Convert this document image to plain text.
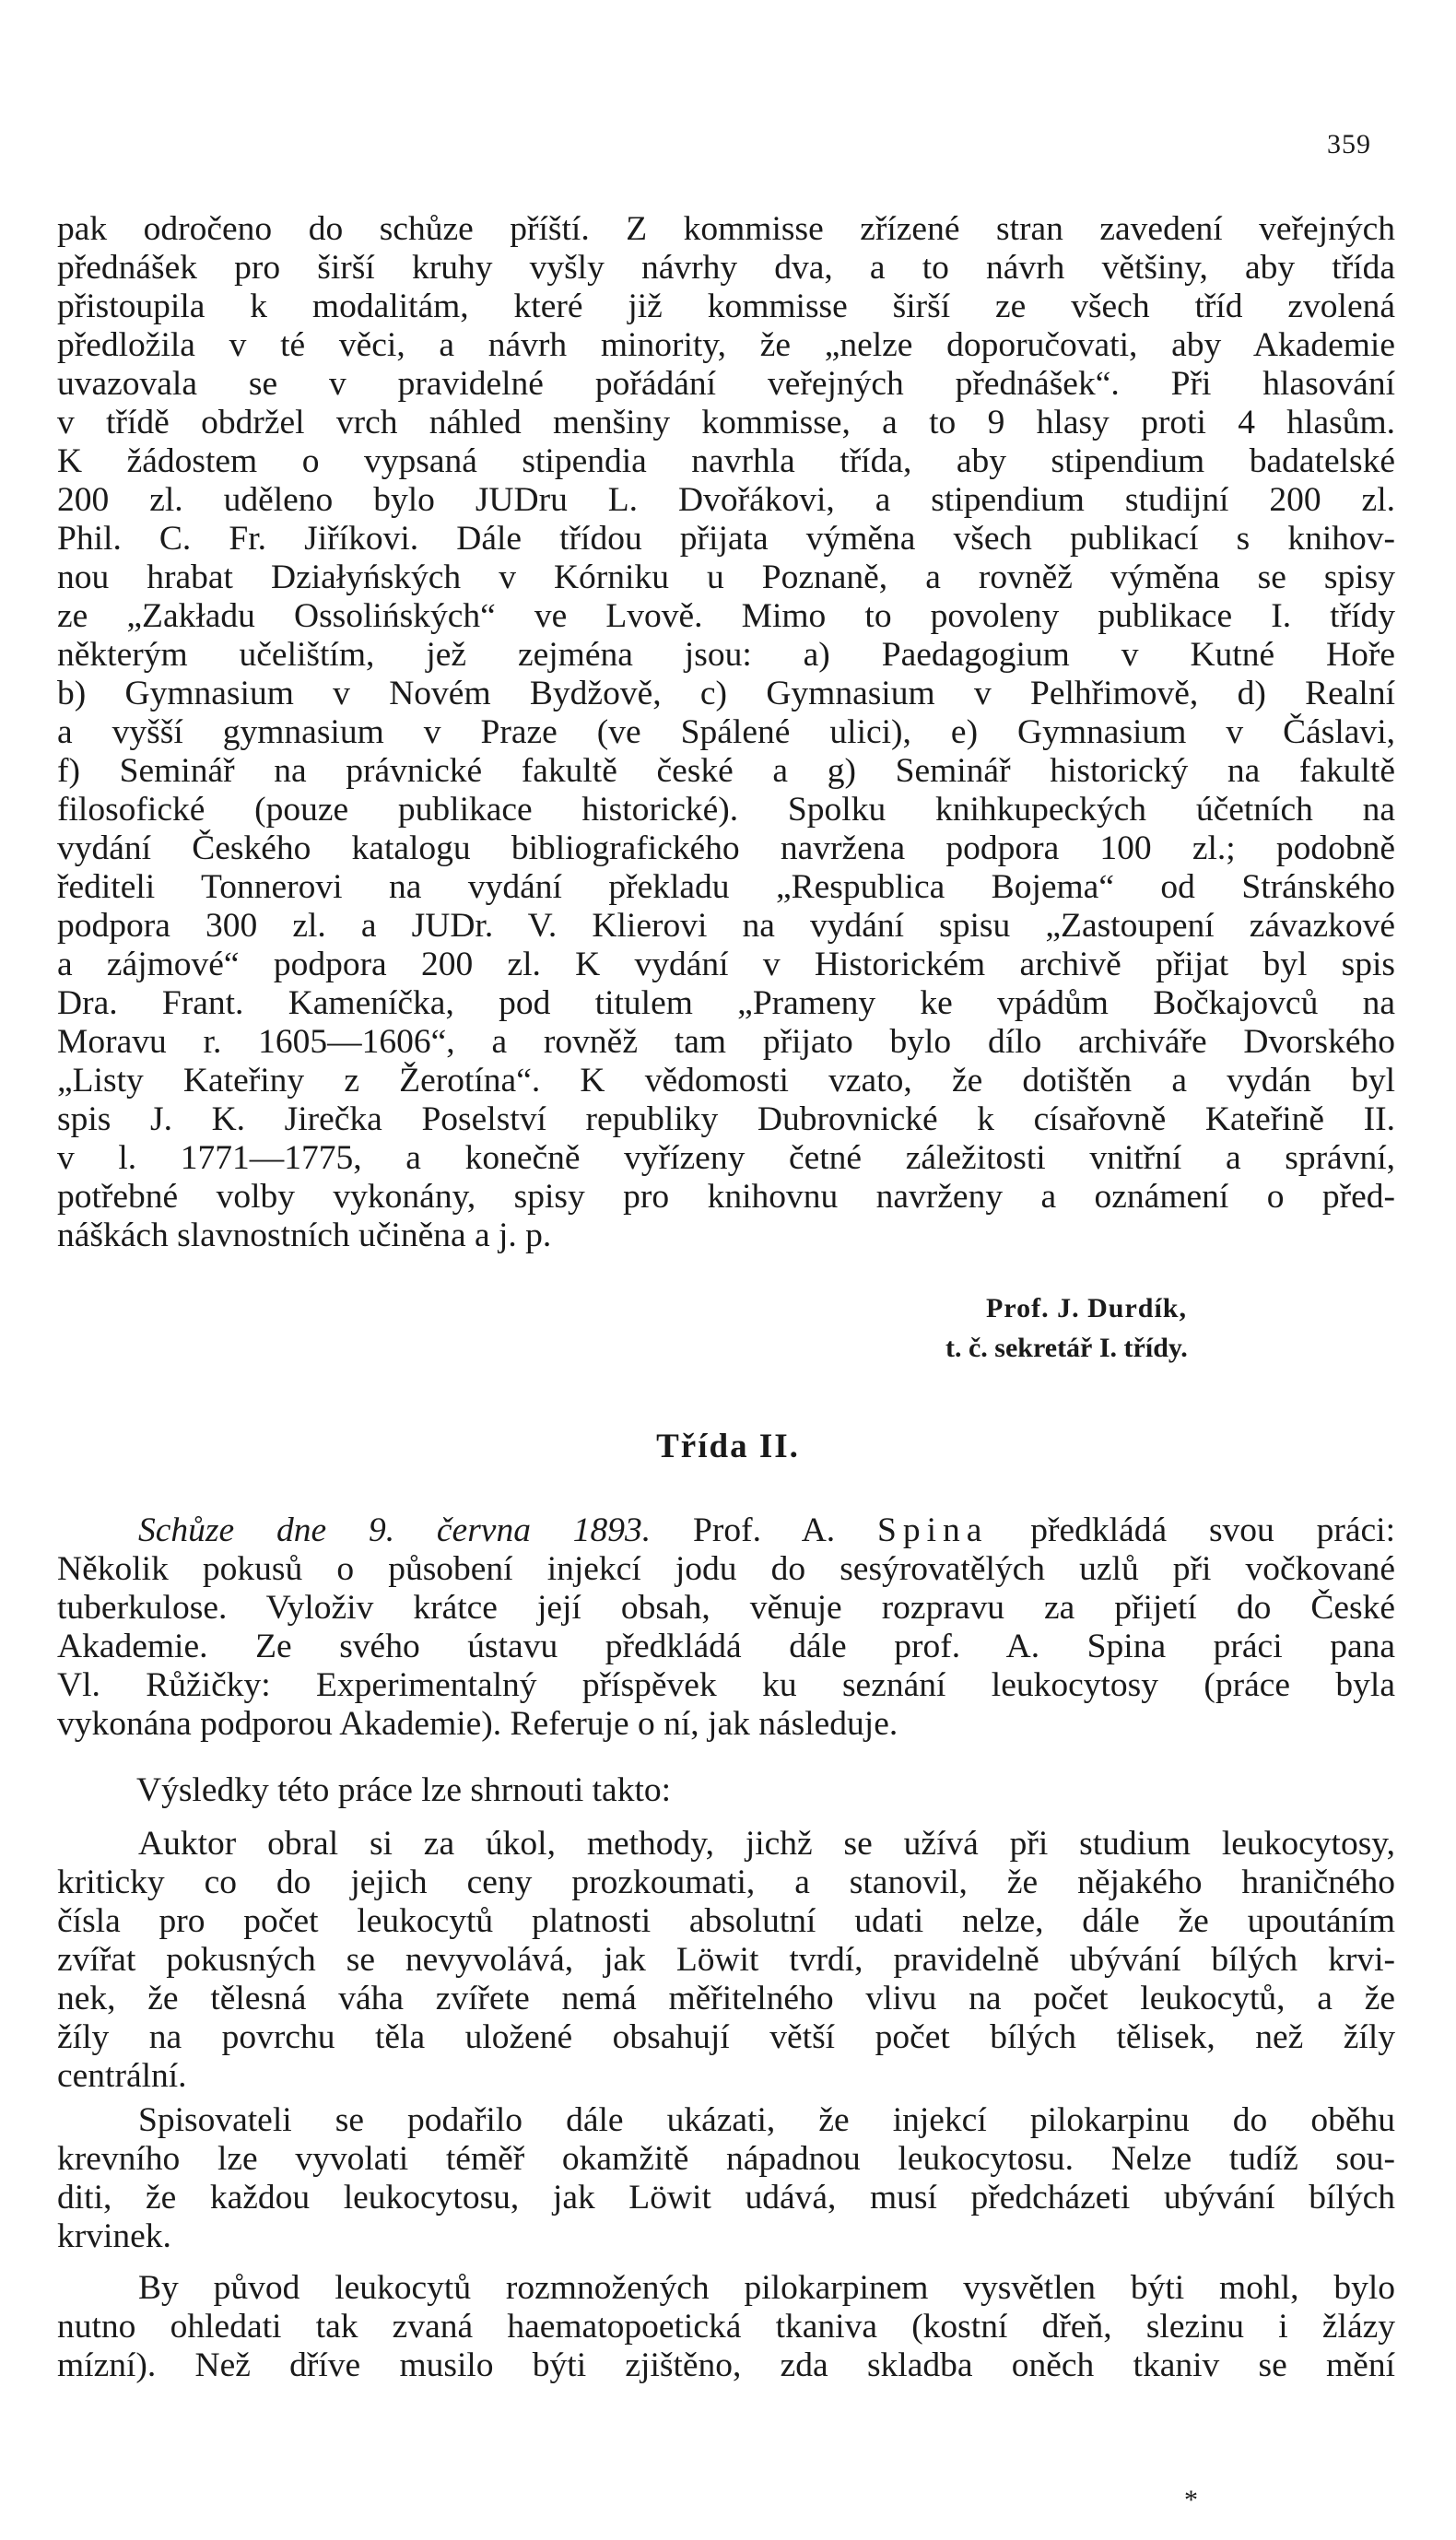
359
pak odročeno do schůze příští. Z kommisse zřízené stran zavedení veřejných
přednášek pro širší kruhy vyšly návrhy dva, a to návrh většiny, aby třída
přistoupila k modalitám, které již kommisse širší ze všech tříd zvolená
předložila v té věci, a návrh minority, že „nelze doporučovati, aby Akademie
uvazovala se v pravidelné pořádání veřejných přednášek“. Při hlasování
v třídě obdržel vrch náhled menšiny kommisse, a to 9 hlasy proti 4 hlasům.
K žádostem o vypsaná stipendia navrhla třída, aby stipendium badatelské
200 zl. uděleno bylo JUDru L. Dvořákovi, a stipendium studijní 200 zl.
Phil. C. Fr. Jiříkovi. Dále třídou přijata výměna všech publikací s knihov-
nou hrabat Działyńských v Kórniku u Poznaně, a rovněž výměna se spisy
ze „Zakładu Ossolińských“ ve Lvově. Mimo to povoleny publikace I. třídy
některým učelištím, jež zejména jsou: a) Paedagogium v Kutné Hoře
b) Gymnasium v Novém Bydžově, c) Gymnasium v Pelhřimově, d) Realní
a vyšší gymnasium v Praze (ve Spálené ulici), e) Gymnasium v Čáslavi,
f) Seminář na právnické fakultě české a g) Seminář historický na fakultě
filosofické (pouze publikace historické). Spolku knihkupeckých účetních na
vydání Českého katalogu bibliografického navržena podpora 100 zl.; podobně
řediteli Tonnerovi na vydání překladu „Respublica Bojema“ od Stránského
podpora 300 zl. a JUDr. V. Klierovi na vydání spisu „Zastoupení závazkové
a zájmové“ podpora 200 zl. K vydání v Historickém archivě přijat byl spis
Dra. Frant. Kameníčka, pod titulem „Prameny ke vpádům Bočkajovců na
Moravu r. 1605—1606“, a rovněž tam přijato bylo dílo archiváře Dvorského
„Listy Kateřiny z Žerotína“. K vědomosti vzato, že dotištěn a vydán byl
spis J. K. Jirečka Poselství republiky Dubrovnické k císařovně Kateřině II.
v l. 1771—1775, a konečně vyřízeny četné záležitosti vnitřní a správní,
potřebné volby vykonány, spisy pro knihovnu navrženy a oznámení o před-
náškách slavnostních učiněna a j. p.
Prof. J. Durdík,
t. č. sekretář I. třídy.
Třída II.
Schůze dne 9. června 1893. Prof. A. Spina předkládá svou práci:
Několik pokusů o působení injekcí jodu do sesýrovatělých uzlů při vočkované
tuberkulose. Vyloživ krátce její obsah, věnuje rozpravu za přijetí do České
Akademie. Ze svého ústavu předkládá dále prof. A. Spina práci pana
Vl. Růžičky: Experimentalný příspěvek ku seznání leukocytosy (práce byla
vykonána podporou Akademie). Referuje o ní, jak následuje.
Výsledky této práce lze shrnouti takto:
Auktor obral si za úkol, methody, jichž se užívá při studium leukocytosy,
kriticky co do jejich ceny prozkoumati, a stanovil, že nějakého hraničného
čísla pro počet leukocytů platnosti absolutní udati nelze, dále že upoutáním
zvířat pokusných se nevyvolává, jak Löwit tvrdí, pravidelně ubývání bílých krvi-
nek, že tělesná váha zvířete nemá měřitelného vlivu na počet leukocytů, a že
žíly na povrchu těla uložené obsahují větší počet bílých tělisek, než žíly
centrální.
Spisovateli se podařilo dále ukázati, že injekcí pilokarpinu do oběhu
krevního lze vyvolati téměř okamžitě nápadnou leukocytosu. Nelze tudíž sou-
diti, že každou leukocytosu, jak Löwit udává, musí předcházeti ubývání bílých
krvinek.
By původ leukocytů rozmnožených pilokarpinem vysvětlen býti mohl, bylo
nutno ohledati tak zvaná haematopoetická tkaniva (kostní dřeň, slezinu i žlázy
mízní). Než dříve musilo býti zjištěno, zda skladba oněch tkaniv se mění
*
